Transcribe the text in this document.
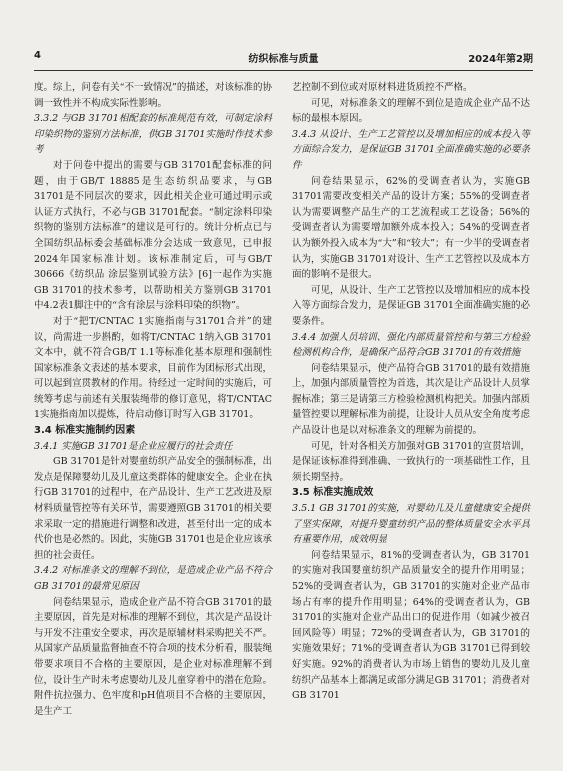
4	纺织标准与质量	2024年第2期

度。综上，问卷有关“不一致情况”的描述，对该标准的协调一致性并不构成实际性影响。

3.3.2 与GB 31701相配套的标准规范有效，可制定涂料印染织物的鉴别方法标准，供GB 31701实施时作技术参考

对于问卷中提出的需要与GB 31701配套标准的问题，由于GB/T 18885是生态纺织品要求，与GB 31701是不同层次的要求，因此相关企业可通过明示或认证方式执行，不必与GB 31701配套。“制定涂料印染织物的鉴别方法标准”的建议是可行的。统计分析点已与全国纺织品标委会基础标准分会达成一致意见，已申报2024年国家标准计划。该标准制定后，可与GB/T 30666《纺织品 涂层鉴别试验方法》[6]一起作为实施GB 31701的技术参考，以帮助相关方鉴别GB 31701中4.2表1脚注中的“含有涂层与涂料印染的织物”。

对于“把T/CNTAC 1实施指南与31701合并”的建议，尚需进一步斟酌，如将T/CNTAC 1纳入GB 31701文本中，就不符合GB/T 1.1等标准化基本原理和强制性国家标准条文表述的基本要求，目前作为团标形式出现，可以起到宣贯教材的作用。待经过一定时间的实施后，可统筹考虑与前述有关服装绳带的修订意见，将T/CNTAC 1实施指南加以提炼，待启动修订时写入GB 31701。

3.4 标准实施制约因素
3.4.1 实施GB 31701是企业应履行的社会责任

GB 31701是针对婴童纺织产品安全的强制标准，出发点是保障婴幼儿及儿童这类群体的健康安全。企业在执行GB 31701的过程中，在产品设计、生产工艺改进及原材料质量管控等有关环节，需要遵照GB 31701的相关要求采取一定的措施进行调整和改进，甚至付出一定的成本代价也是必然的。因此，实施GB 31701也是企业应该承担的社会责任。

3.4.2 对标准条文的理解不到位，是造成企业产品不符合GB 31701的最常见原因

问卷结果显示，造成企业产品不符合GB 31701的最主要原因，首先是对标准的理解不到位，其次是产品设计与开发不注重安全要求，再次是原辅材料采购把关不严。从国家产品质量监督抽查不符合项的技术分析看，服装绳带要求项目不合格的主要原因，是企业对标准理解不到位，设计生产时未考虑婴幼儿及儿童穿着中的潜在危险。附件抗拉强力、色牢度和pH值项目不合格的主要原因，是生产工

艺控制不到位或对原材料进货质控不严格。

可见，对标准条文的理解不到位是造成企业产品不达标的最根本原因。

3.4.3 从设计、生产工艺管控以及增加相应的成本投入等方面综合发力，是保证GB 31701全面准确实施的必要条件

问卷结果显示，62%的受调查者认为，实施GB 31701需要改变相关产品的设计方案；55%的受调查者认为需要调整产品生产的工艺流程或工艺设备；56%的受调查者认为需要增加额外成本投入；54%的受调查者认为额外投入成本为“大”和“较大”；有一少半的受调查者认为，实施GB 31701对设计、生产工艺管控以及成本方面的影响不是很大。

可见，从设计、生产工艺管控以及增加相应的成本投入等方面综合发力，是保证GB 31701全面准确实施的必要条件。

3.4.4 加强人员培训、强化内部质量管控和与第三方检验检测机构合作，是确保产品符合GB 31701的有效措施

问卷结果显示，使产品符合GB 31701的最有效措施上，加强内部质量管控为首选，其次是让产品设计人员掌握标准；第三是请第三方检验检测机构把关。加强内部质量管控要以理解标准为前提，让设计人员从安全角度考虑产品设计也是以对标准条文的理解为前提的。

可见，针对各相关方加强对GB 31701的宣贯培训，是保证该标准得到准确、一致执行的一项基础性工作，且须长期坚持。

3.5 标准实施成效
3.5.1 GB 31701的实施，对婴幼儿及儿童健康安全提供了坚实保障，对提升婴童纺织产品的整体质量安全水平具有重要作用，成效明显

问卷结果显示，81%的受调查者认为，GB 31701的实施对我国婴童纺织产品质量安全的提升作用明显；52%的受调查者认为，GB 31701的实施对企业产品市场占有率的提升作用明显；64%的受调查者认为，GB 31701的实施对企业产品出口的促进作用（如减少被召回风险等）明显；72%的受调查者认为，GB 31701的实施效果好；71%的受调查者认为GB 31701已得到较好实施。92%的消费者认为市场上销售的婴幼儿及儿童纺织产品基本上都满足或部分满足GB 31701；消费者对GB 31701
